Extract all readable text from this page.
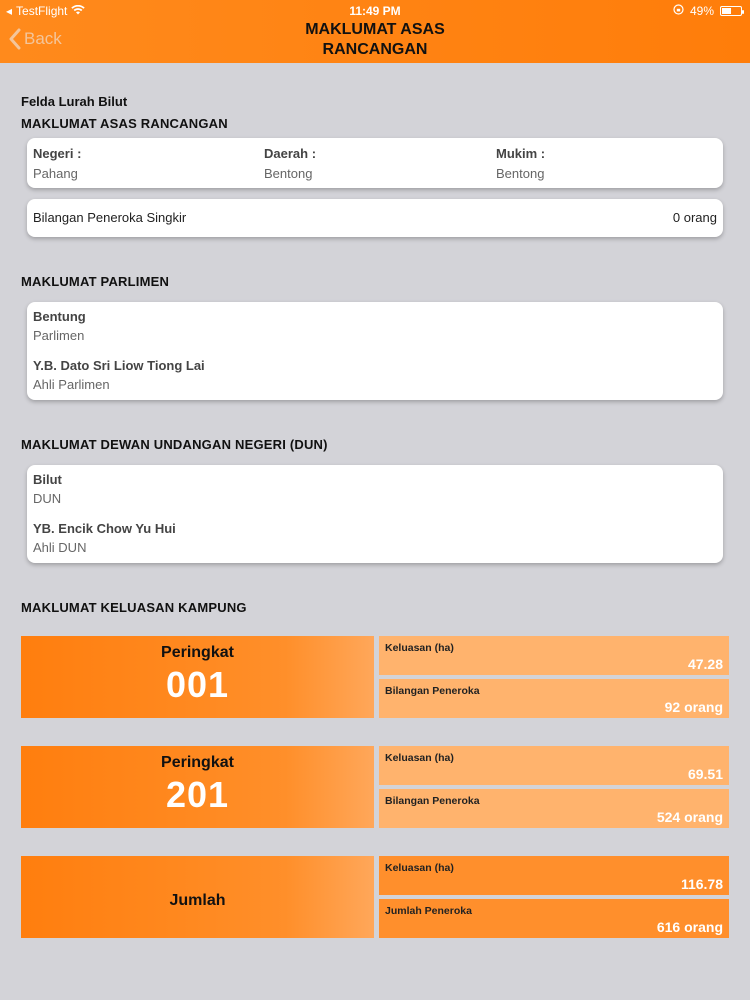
◂ TestFlight	11:49 PM	49%
Back	MAKLUMAT ASAS
RANCANGAN
Felda Lurah Bilut
MAKLUMAT ASAS RANCANGAN
Negeri :
Pahang
Daerah :
Bentong
Mukim :
Bentong
Bilangan Peneroka Singkir	0 orang
MAKLUMAT PARLIMEN
Bentung
Parlimen
Y.B. Dato Sri Liow Tiong Lai
Ahli Parlimen
MAKLUMAT DEWAN UNDANGAN NEGERI (DUN)
Bilut
DUN
YB. Encik Chow Yu Hui
Ahli DUN
MAKLUMAT KELUASAN KAMPUNG
Peringkat
001
Keluasan (ha)
47.28
Bilangan Peneroka
92 orang
Peringkat
201
Keluasan (ha)
69.51
Bilangan Peneroka
524 orang
Jumlah
Keluasan (ha)
116.78
Jumlah Peneroka
616 orang
